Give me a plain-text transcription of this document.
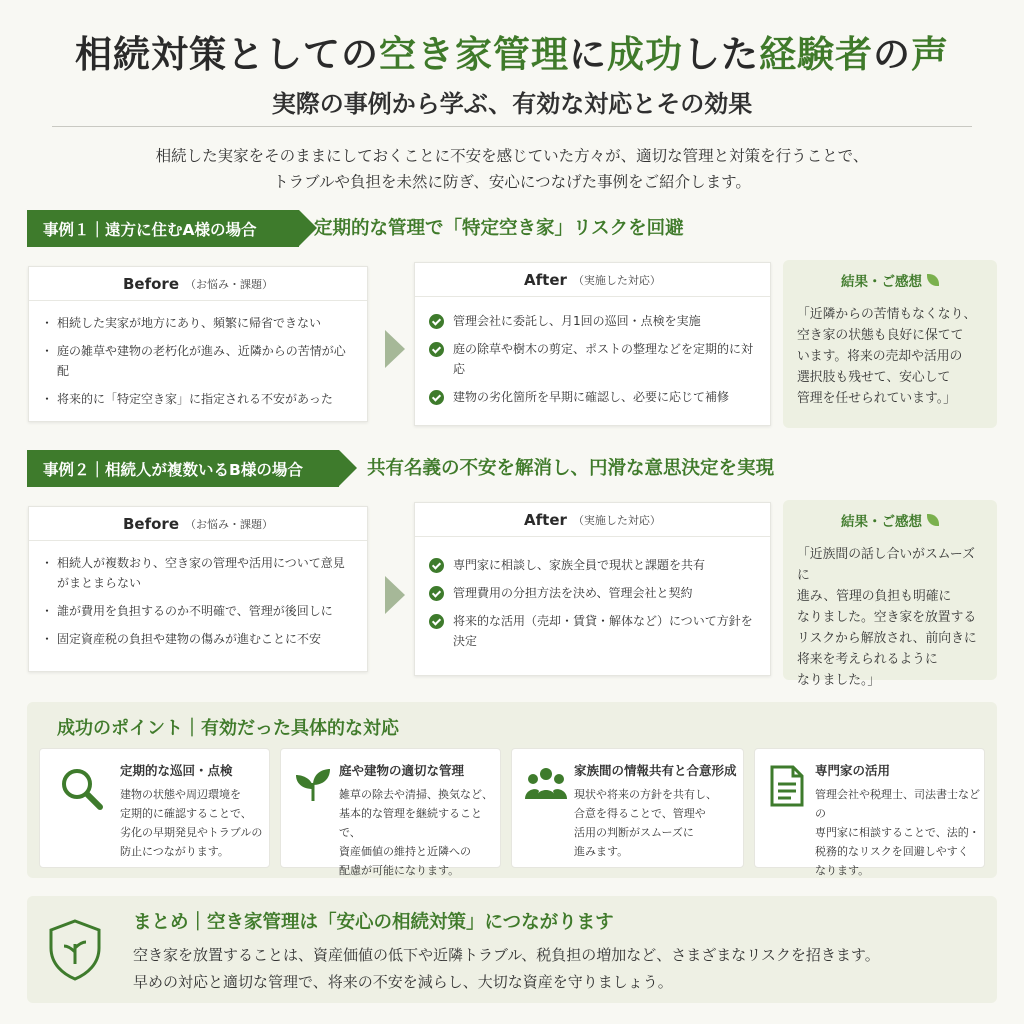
相続対策としての空き家管理に成功した経験者の声
実際の事例から学ぶ、有効な対応とその効果
相続した実家をそのままにしておくことに不安を感じていた方々が、適切な管理と対策を行うことで、
トラブルや負担を未然に防ぎ、安心につなげた事例をご紹介します。
事例１｜遠方に住むA様の場合	定期的な管理で「特定空き家」リスクを回避
Before （お悩み・課題）
・ 相続した実家が地方にあり、頻繁に帰省できない
・ 庭の雑草や建物の老朽化が進み、近隣からの苦情が心配
・ 将来的に「特定空き家」に指定される不安があった
After （実施した対応）
管理会社に委託し、月1回の巡回・点検を実施
庭の除草や樹木の剪定、ポストの整理などを定期的に対応
建物の劣化箇所を早期に確認し、必要に応じて補修
結果・ご感想
「近隣からの苦情もなくなり、
空き家の状態も良好に保てて
います。将来の売却や活用の
選択肢も残せて、安心して
管理を任せられています。」
事例２｜相続人が複数いるB様の場合	共有名義の不安を解消し、円滑な意思決定を実現
Before （お悩み・課題）
・ 相続人が複数おり、空き家の管理や活用について意見がまとまらない
・ 誰が費用を負担するのか不明確で、管理が後回しに
・ 固定資産税の負担や建物の傷みが進むことに不安
After （実施した対応）
専門家に相談し、家族全員で現状と課題を共有
管理費用の分担方法を決め、管理会社と契約
将来的な活用（売却・賃貸・解体など）について方針を決定
結果・ご感想
「近族間の話し合いがスムーズに
進み、管理の負担も明確に
なりました。空き家を放置する
リスクから解放され、前向きに
将来を考えられるように
なりました。」
成功のポイント｜有効だった具体的な対応
定期的な巡回・点検
建物の状態や周辺環境を
定期的に確認することで、
劣化の早期発見やトラブルの
防止につながります。
庭や建物の適切な管理
雑草の除去や清掃、換気など、
基本的な管理を継続することで、
資産価値の維持と近隣への
配慮が可能になります。
家族間の情報共有と合意形成
現状や将来の方針を共有し、
合意を得ることで、管理や
活用の判断がスムーズに
進みます。
専門家の活用
管理会社や税理士、司法書士などの
専門家に相談することで、法的・
税務的なリスクを回避しやすく
なります。
まとめ｜空き家管理は「安心の相続対策」につながります
空き家を放置することは、資産価値の低下や近隣トラブル、税負担の増加など、さまざまなリスクを招きます。
早めの対応と適切な管理で、将来の不安を減らし、大切な資産を守りましょう。
